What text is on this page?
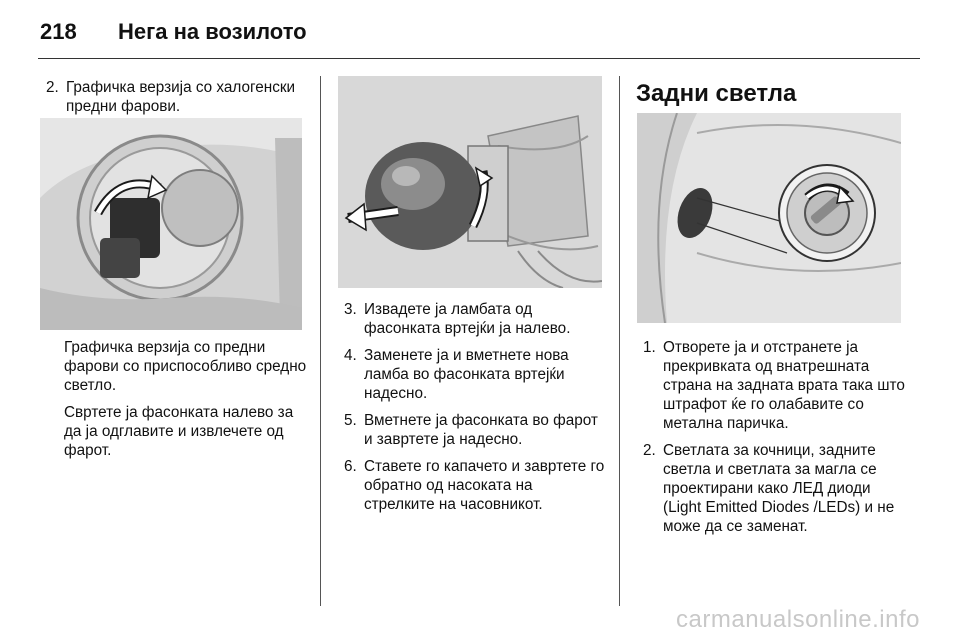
218	Нега на возилото
2. Графичка верзија со халогенски предни фарови.

Графичка верзија со предни фарови со приспособливо средно светло.

Свртете ја фасонката налево за да ја одглавите и извлечете од фарот.

3. Извадете ја ламбата од фасонката вртејќи ја налево.
4. Заменете ја и вметнете нова ламба во фасонката вртејќи надесно.
5. Вметнете ја фасонката во фарот и завртете ја надесно.
6. Ставете го капачето и завртете го обратно од насоката на стрелките на часовникот.
Задни светла
1. Отворете ја и отстранете ја прекривката од внатрешната страна на задната врата така што штрафот ќе го олабавите со метална паричка.
2. Светлата за кочници, задните светла и светлата за магла се проектирани како ЛЕД диоди (Light Emitted Diodes /LEDs) и не може да се заменат.
carmanualsonline.info
